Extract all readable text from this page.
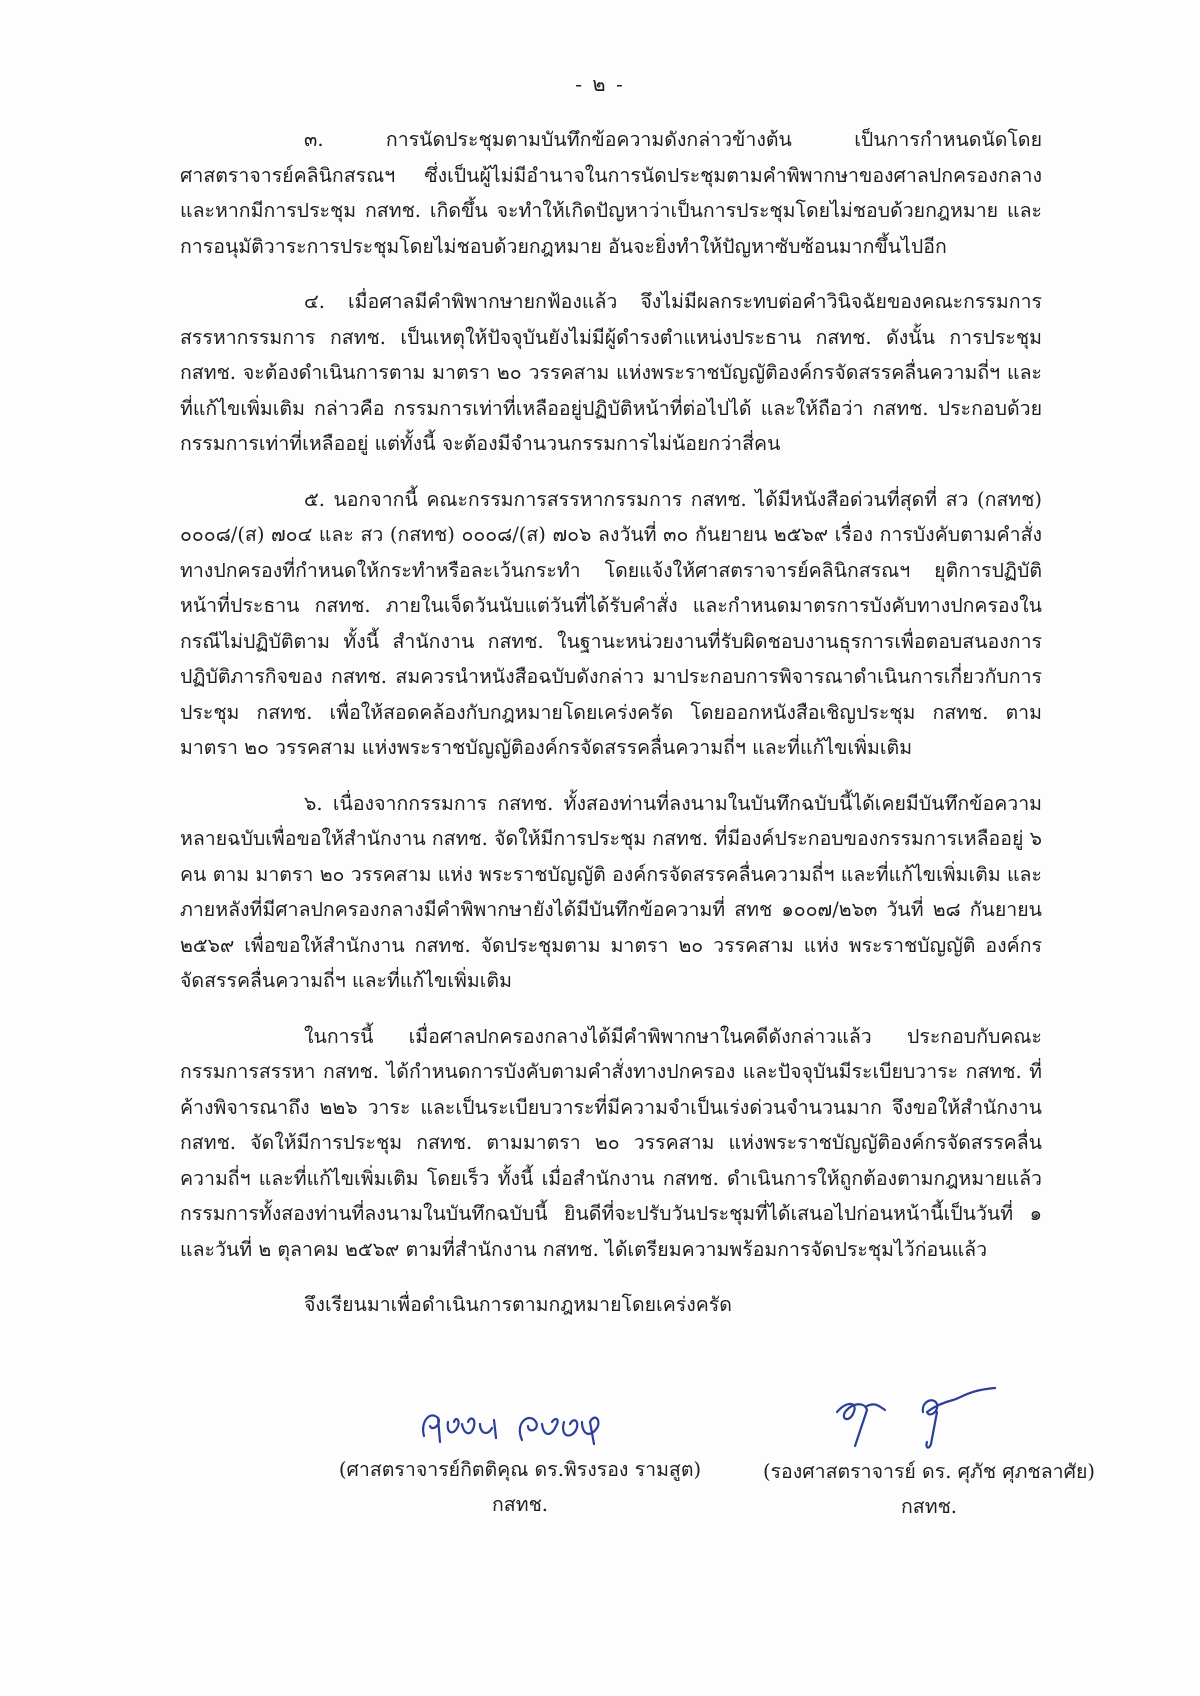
- ๒ -

๓. การนัดประชุมตามบันทึกข้อความดังกล่าวข้างต้น เป็นการกำหนดนัดโดยศาสตราจารย์คลินิกสรณฯ ซึ่งเป็นผู้ไม่มีอำนาจในการนัดประชุมตามคำพิพากษาของศาลปกครองกลาง และหากมีการประชุม กสทช. เกิดขึ้น จะทำให้เกิดปัญหาว่าเป็นการประชุมโดยไม่ชอบด้วยกฎหมาย และการอนุมัติวาระการประชุมโดยไม่ชอบด้วยกฎหมาย อันจะยิ่งทำให้ปัญหาซับซ้อนมากขึ้นไปอีก

๔. เมื่อศาลมีคำพิพากษายกฟ้องแล้ว จึงไม่มีผลกระทบต่อคำวินิจฉัยของคณะกรรมการสรรหากรรมการ กสทช. เป็นเหตุให้ปัจจุบันยังไม่มีผู้ดำรงตำแหน่งประธาน กสทช. ดังนั้น การประชุม กสทช. จะต้องดำเนินการตาม มาตรา ๒๐ วรรคสาม แห่งพระราชบัญญัติองค์กรจัดสรรคลื่นความถี่ฯ และที่แก้ไขเพิ่มเติม กล่าวคือ กรรมการเท่าที่เหลืออยู่ปฏิบัติหน้าที่ต่อไปได้ และให้ถือว่า กสทช. ประกอบด้วยกรรมการเท่าที่เหลืออยู่ แต่ทั้งนี้ จะต้องมีจำนวนกรรมการไม่น้อยกว่าสี่คน

๕. นอกจากนี้ คณะกรรมการสรรหากรรมการ กสทช. ได้มีหนังสือด่วนที่สุดที่ สว (กสทช) ๐๐๐๘/(ส) ๗๐๔ และ สว (กสทช) ๐๐๐๘/(ส) ๗๐๖ ลงวันที่ ๓๐ กันยายน ๒๕๖๙ เรื่อง การบังคับตามคำสั่งทางปกครองที่กำหนดให้กระทำหรือละเว้นกระทำ โดยแจ้งให้ศาสตราจารย์คลินิกสรณฯ ยุติการปฏิบัติหน้าที่ประธาน กสทช. ภายในเจ็ดวันนับแต่วันที่ได้รับคำสั่ง และกำหนดมาตรการบังคับทางปกครองในกรณีไม่ปฏิบัติตาม ทั้งนี้ สำนักงาน กสทช. ในฐานะหน่วยงานที่รับผิดชอบงานธุรการเพื่อตอบสนองการปฏิบัติภารกิจของ กสทช. สมควรนำหนังสือฉบับดังกล่าว มาประกอบการพิจารณาดำเนินการเกี่ยวกับการประชุม กสทช. เพื่อให้สอดคล้องกับกฎหมายโดยเคร่งครัด โดยออกหนังสือเชิญประชุม กสทช. ตาม มาตรา ๒๐ วรรคสาม แห่งพระราชบัญญัติองค์กรจัดสรรคลื่นความถี่ฯ และที่แก้ไขเพิ่มเติม

๖. เนื่องจากกรรมการ กสทช. ทั้งสองท่านที่ลงนามในบันทึกฉบับนี้ได้เคยมีบันทึกข้อความหลายฉบับเพื่อขอให้สำนักงาน กสทช. จัดให้มีการประชุม กสทช. ที่มีองค์ประกอบของกรรมการเหลืออยู่ ๖ คน ตาม มาตรา ๒๐ วรรคสาม แห่ง พระราชบัญญัติ องค์กรจัดสรรคลื่นความถี่ฯ และที่แก้ไขเพิ่มเติม และภายหลังที่มีศาลปกครองกลางมีคำพิพากษายังได้มีบันทึกข้อความที่ สทช ๑๐๐๗/๒๖๓ วันที่ ๒๘ กันยายน ๒๕๖๙ เพื่อขอให้สำนักงาน กสทช. จัดประชุมตาม มาตรา ๒๐ วรรคสาม แห่ง พระราชบัญญัติ องค์กรจัดสรรคลื่นความถี่ฯ และที่แก้ไขเพิ่มเติม

ในการนี้ เมื่อศาลปกครองกลางได้มีคำพิพากษาในคดีดังกล่าวแล้ว ประกอบกับคณะกรรมการสรรหา กสทช. ได้กำหนดการบังคับตามคำสั่งทางปกครอง และปัจจุบันมีระเบียบวาระ กสทช. ที่ค้างพิจารณาถึง ๒๒๖ วาระ และเป็นระเบียบวาระที่มีความจำเป็นเร่งด่วนจำนวนมาก จึงขอให้สำนักงาน กสทช. จัดให้มีการประชุม กสทช. ตามมาตรา ๒๐ วรรคสาม แห่งพระราชบัญญัติองค์กรจัดสรรคลื่นความถี่ฯ และที่แก้ไขเพิ่มเติม โดยเร็ว ทั้งนี้ เมื่อสำนักงาน กสทช. ดำเนินการให้ถูกต้องตามกฎหมายแล้ว กรรมการทั้งสองท่านที่ลงนามในบันทึกฉบับนี้ ยินดีที่จะปรับวันประชุมที่ได้เสนอไปก่อนหน้านี้เป็นวันที่ ๑ และวันที่ ๒ ตุลาคม ๒๕๖๙ ตามที่สำนักงาน กสทช. ได้เตรียมความพร้อมการจัดประชุมไว้ก่อนแล้ว

จึงเรียนมาเพื่อดำเนินการตามกฎหมายโดยเคร่งครัด

(ศาสตราจารย์กิตติคุณ ดร.พิรงรอง รามสูต)
กสทช.
(รองศาสตราจารย์ ดร. ศุภัช ศุภชลาศัย)
กสทช.
